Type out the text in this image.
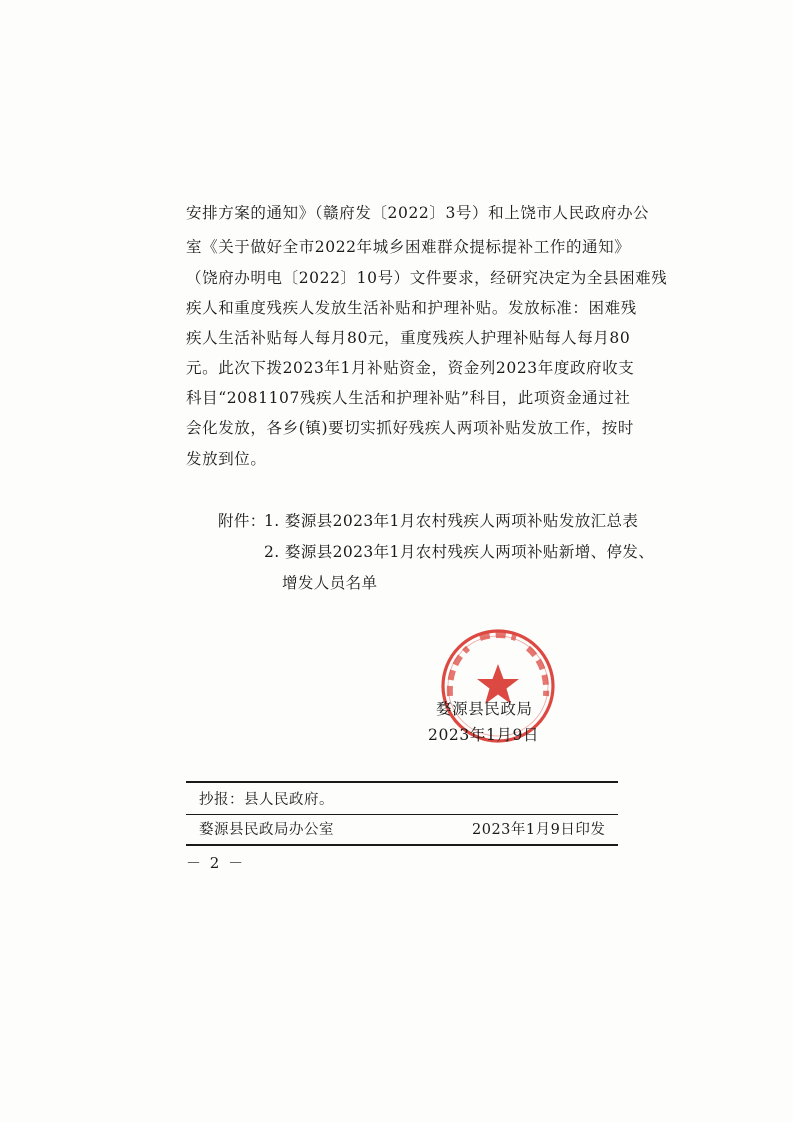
安排方案的通知》（赣府发〔2022〕3号）和上饶市人民政府办公
室《关于做好全市2022年城乡困难群众提标提补工作的通知》
（饶府办明电〔2022〕10号）文件要求，经研究决定为全县困难残
疾人和重度残疾人发放生活补贴和护理补贴。发放标准：困难残
疾人生活补贴每人每月80元，重度残疾人护理补贴每人每月80
元。此次下拨2023年1月补贴资金，资金列2023年度政府收支
科目“2081107残疾人生活和护理补贴”科目，此项资金通过社
会化发放，各乡(镇)要切实抓好残疾人两项补贴发放工作，按时
发放到位。
附件：
1. 婺源县2023年1月农村残疾人两项补贴发放汇总表
2. 婺源县2023年1月农村残疾人两项补贴新增、停发、
增发人员名单
婺源县民政局
2023年1月9日
抄报：县人民政府。
婺源县民政局办公室	2023年1月9日印发
－ 2 －
